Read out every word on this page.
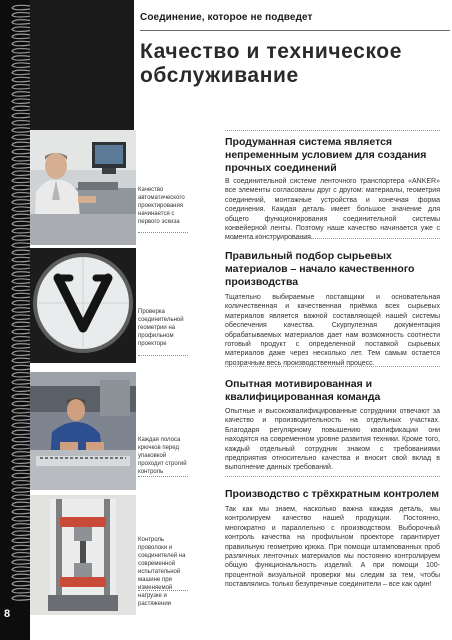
Соединение, которое не подведет
Качество и техническое обслуживание
Качество автоматического проектирования начинается с первого эскиза
Проверка соединительной геометрии на профильном проекторе
Каждая полоса крючков перед упаковкой проходит строгий контроль
Контроль проволоки и соединителей на современной испытательной машине при изменяемой нагрузке и растяжении
Продуманная система является непременным условием для создания прочных соединений

В соединительной системе ленточного транспортера «ANKER» все элементы согласованы друг с другом: материалы, геометрия соединений, монтажные устройства и конечная форма соединения. Каждая деталь имеет большое значение для общего функционирования соединительной системы конвейерной ленты. Поэтому наше качество начинается уже с момента конструирования.

Правильный подбор сырьевых материалов – начало качественного производства

Тщательно выбираемые поставщики и основательная количественная и качественная приёмка всех сырьевых материалов является важной составляющей нашей системы обеспечения качества. Скурпулезная документация обрабатываемых материалов дает нам возможность соотнести готовый продукт с определенной поставкой сырьевых материалов даже через несколько лет. Тем самым остается прозрачным весь производственный процесс.

Опытная мотивированная и квалифицированная команда

Опытные и высококвалифицированные сотрудники отвечают за качество и производительность на отдельных участках. Благодаря регулярному повышению квалификации они находятся на современном уровне развития техники. Кроме того, каждый отдельный сотрудник знаком с требованиями предприятия относительно качества и вносит свой вклад в выполнение данных требований.

Производство с трёхкратным контролем

Так как мы знаем, насколько важна каждая деталь, мы контролируем качество нашей продукции. Постоянно, многократно и параллельно с производством. Выборочный контроль качества на профильном проекторе гарантирует правильную геометрию крюка. При помощи штампованных проб различных ленточных материалов мы постоянно контролируем общую функциональность изделий. А при помощи 100-процентной визуальной проверки мы следим за тем, чтобы поставлялись только безупречные соединители – все как один!

8
